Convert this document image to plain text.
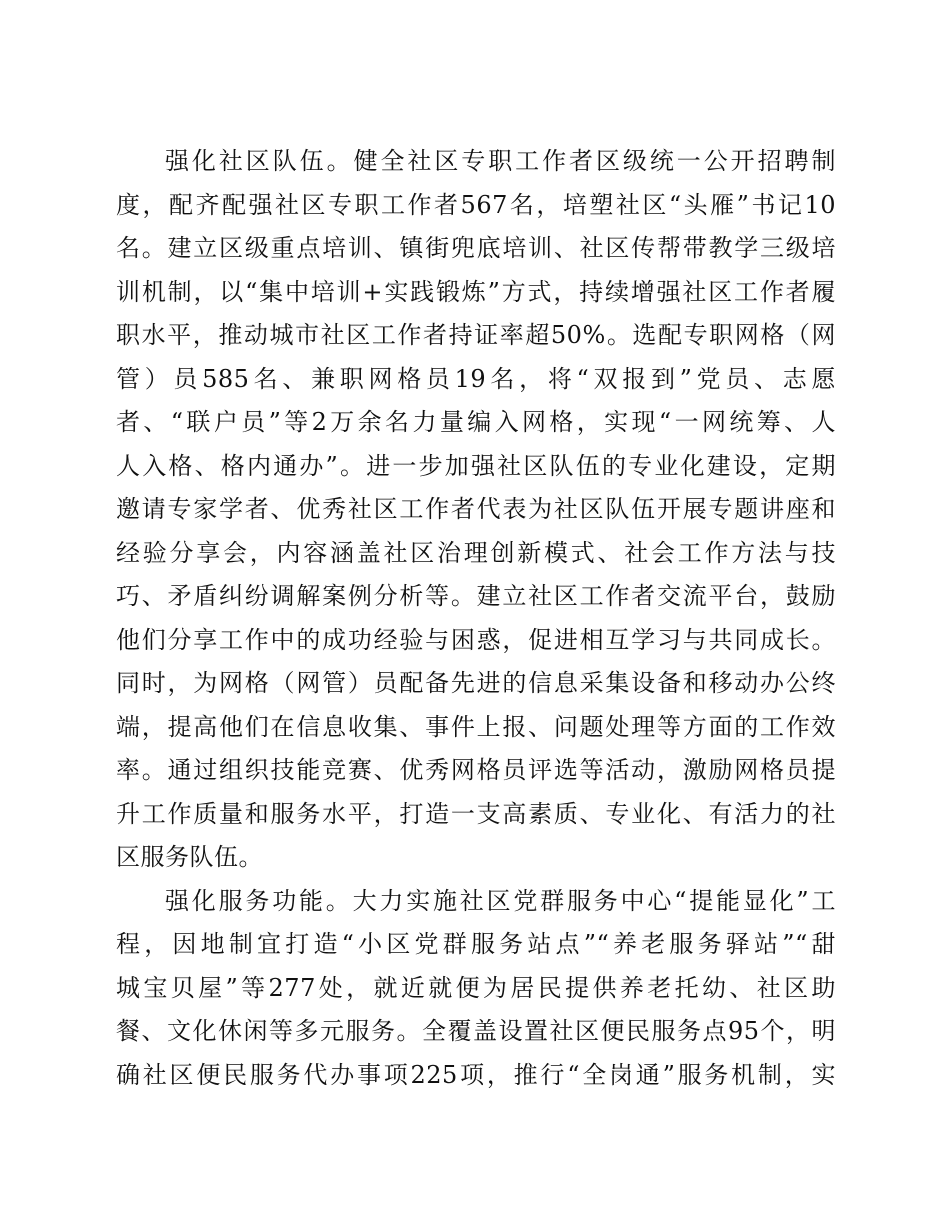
强化社区队伍。健全社区专职工作者区级统一公开招聘制
度，配齐配强社区专职工作者567名，培塑社区“头雁”书记10
名。建立区级重点培训、镇街兜底培训、社区传帮带教学三级培
训机制，以“集中培训+实践锻炼”方式，持续增强社区工作者履
职水平，推动城市社区工作者持证率超50%。选配专职网格（网
管）员585名、兼职网格员19名，将“双报到”党员、志愿
者、“联户员”等2万余名力量编入网格，实现“一网统筹、人
人入格、格内通办”。进一步加强社区队伍的专业化建设，定期
邀请专家学者、优秀社区工作者代表为社区队伍开展专题讲座和
经验分享会，内容涵盖社区治理创新模式、社会工作方法与技
巧、矛盾纠纷调解案例分析等。建立社区工作者交流平台，鼓励
他们分享工作中的成功经验与困惑，促进相互学习与共同成长。
同时，为网格（网管）员配备先进的信息采集设备和移动办公终
端，提高他们在信息收集、事件上报、问题处理等方面的工作效
率。通过组织技能竞赛、优秀网格员评选等活动，激励网格员提
升工作质量和服务水平，打造一支高素质、专业化、有活力的社
区服务队伍。
强化服务功能。大力实施社区党群服务中心“提能显化”工
程，因地制宜打造“小区党群服务站点”“养老服务驿站”“甜
城宝贝屋”等277处，就近就便为居民提供养老托幼、社区助
餐、文化休闲等多元服务。全覆盖设置社区便民服务点95个，明
确社区便民服务代办事项225项，推行“全岗通”服务机制，实
